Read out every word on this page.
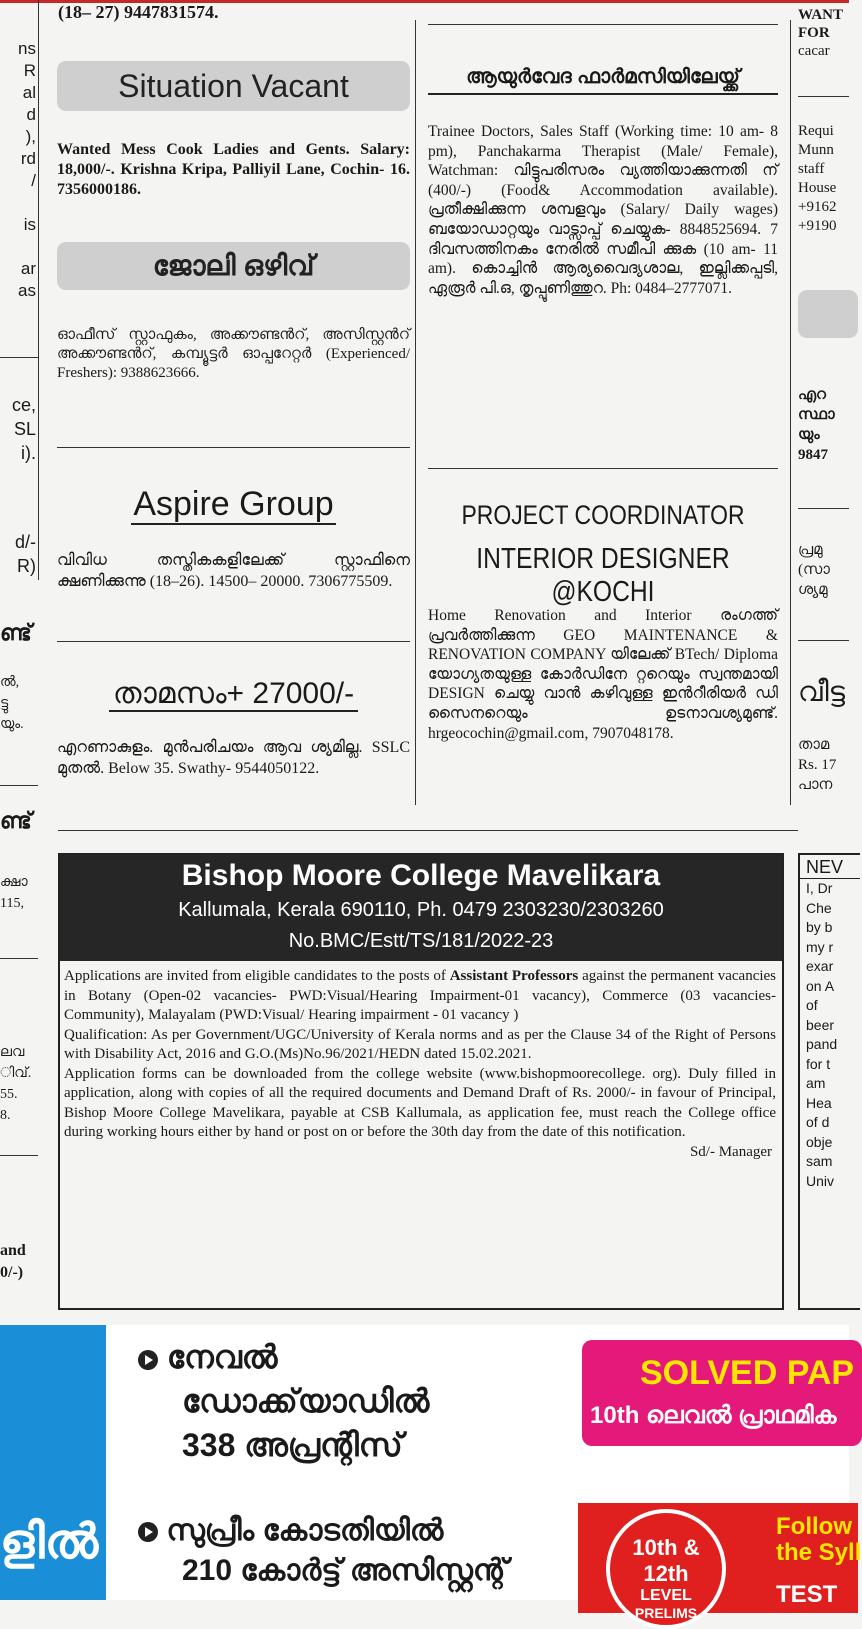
ns
R
al
d
),
rd
/
is
ar
as
ce,
SL
i).
d/-
R)
ണ്ട്
ൽ,
ട്ടു
യും.
ണ്ട്
ക്ഷാ
115,
ലവ
ിവ്.
55.
8.
and
0/-)
(18– 27) 9447831574.
Situation Vacant
Wanted Mess Cook Ladies and Gents. Salary: 18,000/-. Krishna Kripa, Palliyil Lane, Cochin- 16. 7356000186.
ജോലി ഒഴിവ്
ഓഫീസ് സ്റ്റാഫുകം, അക്കൗണ്ടൻറ്, അസിസ്റ്റൻറ് അക്കൗണ്ടൻറ്, കമ്പ്യൂട്ടർ ഓപ്പറേറ്റർ (Experienced/ Freshers): 9388623666.
Aspire Group
വിവിധ തസ്തികകളിലേക്ക് സ്റ്റാഫിനെ ക്ഷണിക്കുന്നു (18–26). 14500– 20000. 7306775509.
താമസം+ 27000/-
എറണാകുളം. മുൻപരിചയം ആവ ശ്യമില്ല. SSLC മുതൽ. Below 35. Swathy- 9544050122.
ആയുർവേദ ഫാർമസിയിലേയ്ക്ക്
Trainee Doctors, Sales Staff (Working time: 10 am- 8 pm), Panchakarma Therapist (Male/ Female), Watchman: വിട്ടുപരിസരം വ്യത്തിയാക്കുന്നതി ന് (400/-) (Food& Accommodation available). പ്രതീക്ഷിക്കുന്ന ശമ്പളവും (Salary/ Daily wages) ബയോഡാറ്റയും വാട്സാപ്പ് ചെയ്യുക- 8848525694. 7 ദിവസത്തിനകം നേരിൽ സമീപി ക്കുക (10 am- 11 am). കൊച്ചിൻ ആര്യവൈദ്യശാല, ഇല്ലിക്കപ്പടി, ഏരൂർ പി.ഒ, തൃപ്പൂണിത്തുറ. Ph: 0484–2777071.
PROJECT COORDINATOR
INTERIOR DESIGNER @KOCHI
Home Renovation and Interior രംഗത്ത് പ്രവർത്തിക്കുന്ന GEO MAINTENANCE & RENOVATION COMPANY യിലേക്ക് BTech/ Diploma യോഗ്യതയുള്ള കോർഡിനേ റ്ററെയും സ്വന്തമായി DESIGN ചെയ്യു വാൻ കഴിവുള്ള ഇൻറീരിയർ ഡി സൈനറെയും ഉടനാവശ്യമുണ്ട്. hrgeocochin@gmail.com, 7907048178.
WANT
FOR
cacar
Requi
Munn
staff
House
+9162
+9190
എറ
സ്ഥാ
യും
9847
പ്രമു
(സാ
ശ്യമു
വീട്ട
താമ
Rs. 17
പാന
NEV
I, Dr
Che
by b
my r
exar
on A
of
beer
pand
for t
am
Hea
of d
obje
sam
Univ
Bishop Moore College Mavelikara
Kallumala, Kerala 690110, Ph. 0479 2303230/2303260
No.BMC/Estt/TS/181/2022-23
Applications are invited from eligible candidates to the posts of Assistant Professors against the permanent vacancies in Botany (Open-02 vacancies- PWD:Visual/Hearing Impairment-01 vacancy), Commerce (03 vacancies- Community), Malayalam (PWD:Visual/ Hearing impairment - 01 vacancy )
Qualification: As per Government/UGC/University of Kerala norms and as per the Clause 34 of the Right of Persons with Disability Act, 2016 and G.O.(Ms)No.96/2021/HEDN dated 15.02.2021.
Application forms can be downloaded from the college website (www.bishopmoorecollege. org). Duly filled in application, along with copies of all the required documents and Demand Draft of Rs. 2000/- in favour of Principal, Bishop Moore College Mavelikara, payable at CSB Kallumala, as application fee, must reach the College office during working hours either by hand or post on or before the 30th day from the date of this notification.
Sd/- Manager
ളിൽ
നേവൽ
ഡോക്ക്‌യാഡിൽ
338 അപ്രന്റിസ്
സുപ്രീം കോടതിയിൽ
210 കോർട്ട് അസിസ്റ്റന്റ്
SOLVED PAP
10th ലെവൽ പ്രാഥമിക
10th & 12th
LEVEL
PRELIMS
Follow
the Syll
TEST
